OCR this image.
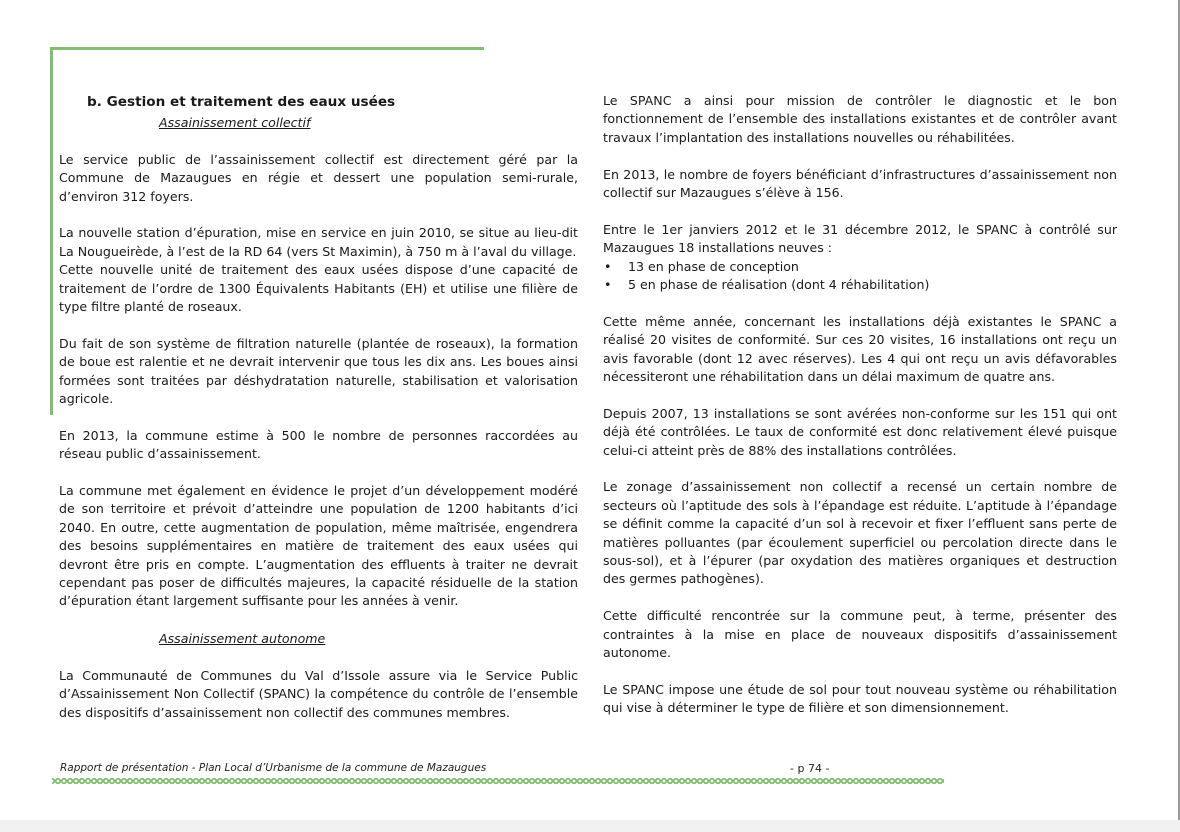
b. Gestion et traitement des eaux usées

Assainissement collectif

Le service public de l’assainissement collectif est directement géré par la Commune de Mazaugues en régie et dessert une population semi-rurale, d’environ 312 foyers.

La nouvelle station d’épuration, mise en service en juin 2010, se situe au lieu-dit La Nougueirède, à l’est de la RD 64 (vers St Maximin), à 750 m à l’aval du village.

Cette nouvelle unité de traitement des eaux usées dispose d’une capacité de traitement de l’ordre de 1300 Équivalents Habitants (EH) et utilise une filière de type filtre planté de roseaux.

Du fait de son système de filtration naturelle (plantée de roseaux), la formation de boue est ralentie et ne devrait intervenir que tous les dix ans. Les boues ainsi formées sont traitées par déshydratation naturelle, stabilisation et valorisation agricole.

En 2013, la commune estime à 500 le nombre de personnes raccordées au réseau public d’assainissement.

La commune met également en évidence le projet d’un développement modéré de son territoire et prévoit d’atteindre une population de 1200 habitants d’ici 2040. En outre, cette augmentation de population, même maîtrisée, engendrera des besoins supplémentaires en matière de traitement des eaux usées qui devront être pris en compte. L’augmentation des effluents à traiter ne devrait cependant pas poser de difficultés majeures, la capacité résiduelle de la station d’épuration étant largement suffisante pour les années à venir.

Assainissement autonome

La Communauté de Communes du Val d’Issole assure via le Service Public d’Assainissement Non Collectif (SPANC) la compétence du contrôle de l’ensemble des dispositifs d’assainissement non collectif des communes membres.

Le SPANC a ainsi pour mission de contrôler le diagnostic et le bon fonctionnement de l’ensemble des installations existantes et de contrôler avant travaux l’implantation des installations nouvelles ou réhabilitées.

En 2013, le nombre de foyers bénéficiant d’infrastructures d’assainissement non collectif sur Mazaugues s’élève à 156.

Entre le 1er janviers 2012 et le 31 décembre 2012, le SPANC à contrôlé sur Mazaugues 18 installations neuves :

• 13 en phase de conception
• 5 en phase de réalisation (dont 4 réhabilitation)

Cette même année, concernant les installations déjà existantes le SPANC a réalisé 20 visites de conformité. Sur ces 20 visites, 16 installations ont reçu un avis favorable (dont 12 avec réserves). Les 4 qui ont reçu un avis défavorables nécessiteront une réhabilitation dans un délai maximum de quatre ans.

Depuis 2007, 13 installations se sont avérées non-conforme sur les 151 qui ont déjà été contrôlées. Le taux de conformité est donc relativement élevé puisque celui-ci atteint près de 88% des installations contrôlées.

Le zonage d’assainissement non collectif a recensé un certain nombre de secteurs où l’aptitude des sols à l’épandage est réduite. L’aptitude à l’épandage se définit comme la capacité d’un sol à recevoir et fixer l’effluent sans perte de matières polluantes (par écoulement superficiel ou percolation directe dans le sous-sol), et à l’épurer (par oxydation des matières organiques et destruction des germes pathogènes).

Cette difficulté rencontrée sur la commune peut, à terme, présenter des contraintes à la mise en place de nouveaux dispositifs d’assainissement autonome.

Le SPANC impose une étude de sol pour tout nouveau système ou réhabilitation qui vise à déterminer le type de filière et son dimensionnement.

Rapport de présentation - Plan Local d’Urbanisme de la commune de Mazaugues	- p 74 -
